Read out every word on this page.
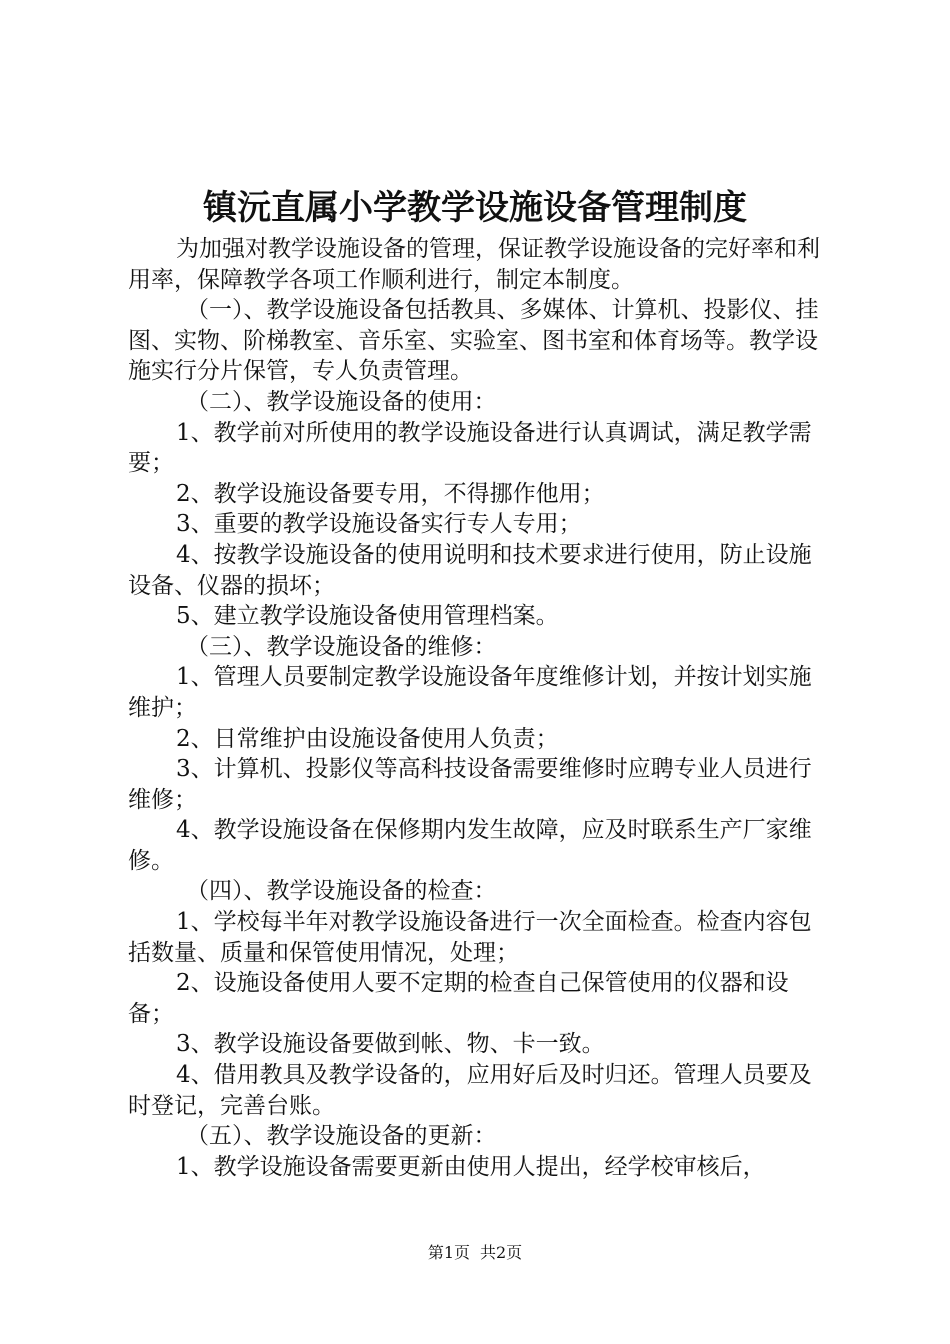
镇沅直属小学教学设施设备管理制度

为加强对教学设施设备的管理，保证教学设施设备的完好率和利用率，保障教学各项工作顺利进行，制定本制度。

（一）、教学设施设备包括教具、多媒体、计算机、投影仪、挂图、实物、阶梯教室、音乐室、实验室、图书室和体育场等。教学设施实行分片保管，专人负责管理。

（二）、教学设施设备的使用：

1、教学前对所使用的教学设施设备进行认真调试，满足教学需要；

2、教学设施设备要专用，不得挪作他用；

3、重要的教学设施设备实行专人专用；

4、按教学设施设备的使用说明和技术要求进行使用，防止设施设备、仪器的损坏；

5、建立教学设施设备使用管理档案。

（三）、教学设施设备的维修：

1、管理人员要制定教学设施设备年度维修计划，并按计划实施维护；

2、日常维护由设施设备使用人负责；

3、计算机、投影仪等高科技设备需要维修时应聘专业人员进行维修；

4、教学设施设备在保修期内发生故障，应及时联系生产厂家维修。

（四）、教学设施设备的检查：

1、学校每半年对教学设施设备进行一次全面检查。检查内容包括数量、质量和保管使用情况，处理；

2、设施设备使用人要不定期的检查自己保管使用的仪器和设备；

3、教学设施设备要做到帐、物、卡一致。

4、借用教具及教学设备的，应用好后及时归还。管理人员要及时登记，完善台账。

（五）、教学设施设备的更新：

1、教学设施设备需要更新由使用人提出，经学校审核后，

第1页 共2页
